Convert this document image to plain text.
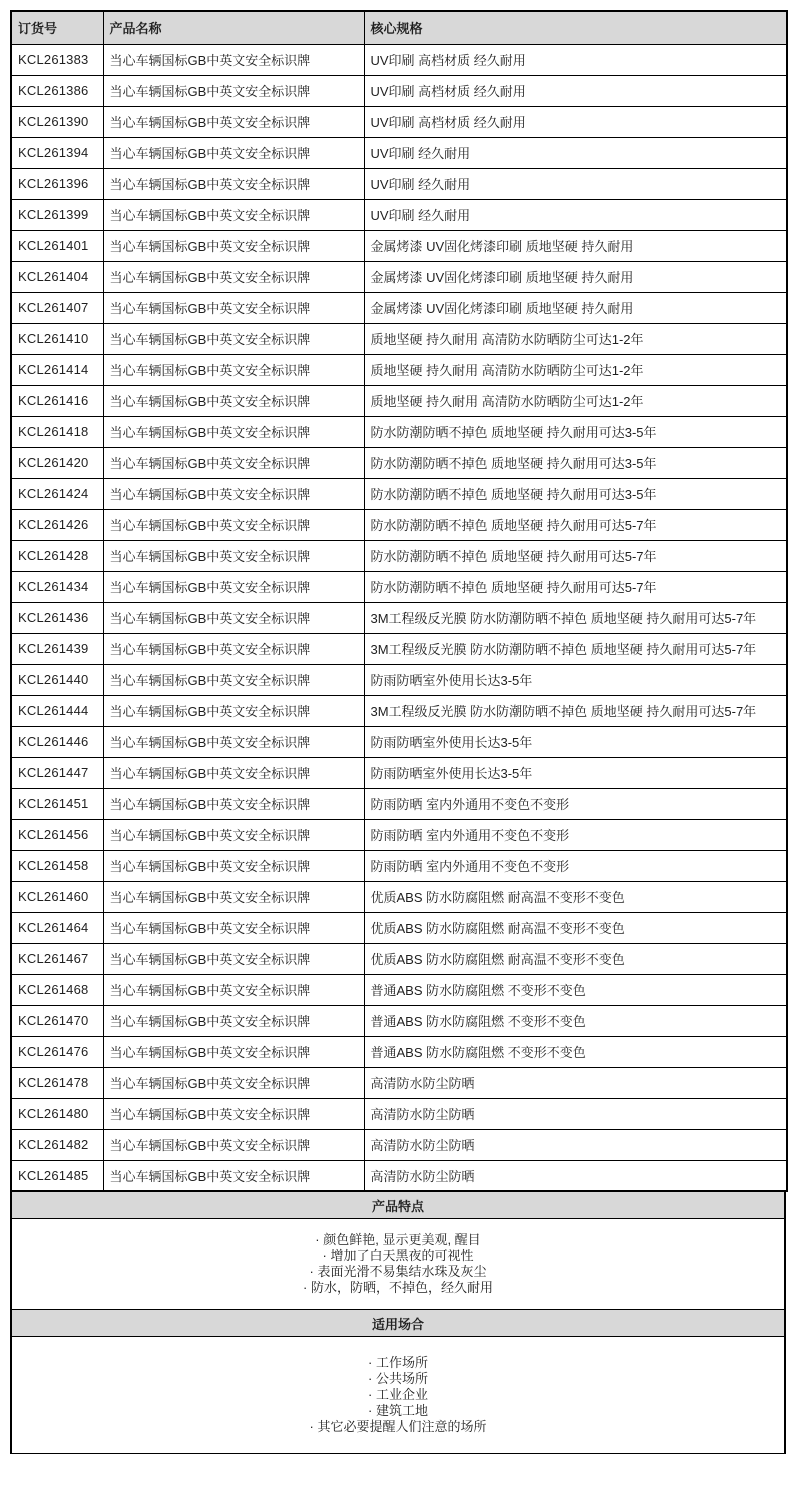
订货号	产品名称	核心规格
KCL261383	当心车辆国标GB中英文安全标识牌	UV印刷 高档材质 经久耐用
KCL261386	当心车辆国标GB中英文安全标识牌	UV印刷 高档材质 经久耐用
KCL261390	当心车辆国标GB中英文安全标识牌	UV印刷 高档材质 经久耐用
KCL261394	当心车辆国标GB中英文安全标识牌	UV印刷 经久耐用
KCL261396	当心车辆国标GB中英文安全标识牌	UV印刷 经久耐用
KCL261399	当心车辆国标GB中英文安全标识牌	UV印刷 经久耐用
KCL261401	当心车辆国标GB中英文安全标识牌	金属烤漆 UV固化烤漆印刷 质地坚硬 持久耐用
KCL261404	当心车辆国标GB中英文安全标识牌	金属烤漆 UV固化烤漆印刷 质地坚硬 持久耐用
KCL261407	当心车辆国标GB中英文安全标识牌	金属烤漆 UV固化烤漆印刷 质地坚硬 持久耐用
KCL261410	当心车辆国标GB中英文安全标识牌	质地坚硬 持久耐用 高清防水防晒防尘可达1-2年
KCL261414	当心车辆国标GB中英文安全标识牌	质地坚硬 持久耐用 高清防水防晒防尘可达1-2年
KCL261416	当心车辆国标GB中英文安全标识牌	质地坚硬 持久耐用 高清防水防晒防尘可达1-2年
KCL261418	当心车辆国标GB中英文安全标识牌	防水防潮防晒不掉色 质地坚硬 持久耐用可达3-5年
KCL261420	当心车辆国标GB中英文安全标识牌	防水防潮防晒不掉色 质地坚硬 持久耐用可达3-5年
KCL261424	当心车辆国标GB中英文安全标识牌	防水防潮防晒不掉色 质地坚硬 持久耐用可达3-5年
KCL261426	当心车辆国标GB中英文安全标识牌	防水防潮防晒不掉色 质地坚硬 持久耐用可达5-7年
KCL261428	当心车辆国标GB中英文安全标识牌	防水防潮防晒不掉色 质地坚硬 持久耐用可达5-7年
KCL261434	当心车辆国标GB中英文安全标识牌	防水防潮防晒不掉色 质地坚硬 持久耐用可达5-7年
KCL261436	当心车辆国标GB中英文安全标识牌	3M工程级反光膜 防水防潮防晒不掉色 质地坚硬 持久耐用可达5-7年
KCL261439	当心车辆国标GB中英文安全标识牌	3M工程级反光膜 防水防潮防晒不掉色 质地坚硬 持久耐用可达5-7年
KCL261440	当心车辆国标GB中英文安全标识牌	防雨防晒室外使用长达3-5年
KCL261444	当心车辆国标GB中英文安全标识牌	3M工程级反光膜 防水防潮防晒不掉色 质地坚硬 持久耐用可达5-7年
KCL261446	当心车辆国标GB中英文安全标识牌	防雨防晒室外使用长达3-5年
KCL261447	当心车辆国标GB中英文安全标识牌	防雨防晒室外使用长达3-5年
KCL261451	当心车辆国标GB中英文安全标识牌	防雨防晒 室内外通用不变色不变形
KCL261456	当心车辆国标GB中英文安全标识牌	防雨防晒 室内外通用不变色不变形
KCL261458	当心车辆国标GB中英文安全标识牌	防雨防晒 室内外通用不变色不变形
KCL261460	当心车辆国标GB中英文安全标识牌	优质ABS 防水防腐阻燃 耐高温不变形不变色
KCL261464	当心车辆国标GB中英文安全标识牌	优质ABS 防水防腐阻燃 耐高温不变形不变色
KCL261467	当心车辆国标GB中英文安全标识牌	优质ABS 防水防腐阻燃 耐高温不变形不变色
KCL261468	当心车辆国标GB中英文安全标识牌	普通ABS 防水防腐阻燃 不变形不变色
KCL261470	当心车辆国标GB中英文安全标识牌	普通ABS 防水防腐阻燃 不变形不变色
KCL261476	当心车辆国标GB中英文安全标识牌	普通ABS 防水防腐阻燃 不变形不变色
KCL261478	当心车辆国标GB中英文安全标识牌	高清防水防尘防晒
KCL261480	当心车辆国标GB中英文安全标识牌	高清防水防尘防晒
KCL261482	当心车辆国标GB中英文安全标识牌	高清防水防尘防晒
KCL261485	当心车辆国标GB中英文安全标识牌	高清防水防尘防晒
产品特点
· 颜色鲜艳, 显示更美观, 醒目
· 增加了白天黑夜的可视性
· 表面光滑不易集结水珠及灰尘
· 防水，防晒，不掉色，经久耐用
适用场合
· 工作场所
· 公共场所
· 工业企业
· 建筑工地
· 其它必要提醒人们注意的场所
